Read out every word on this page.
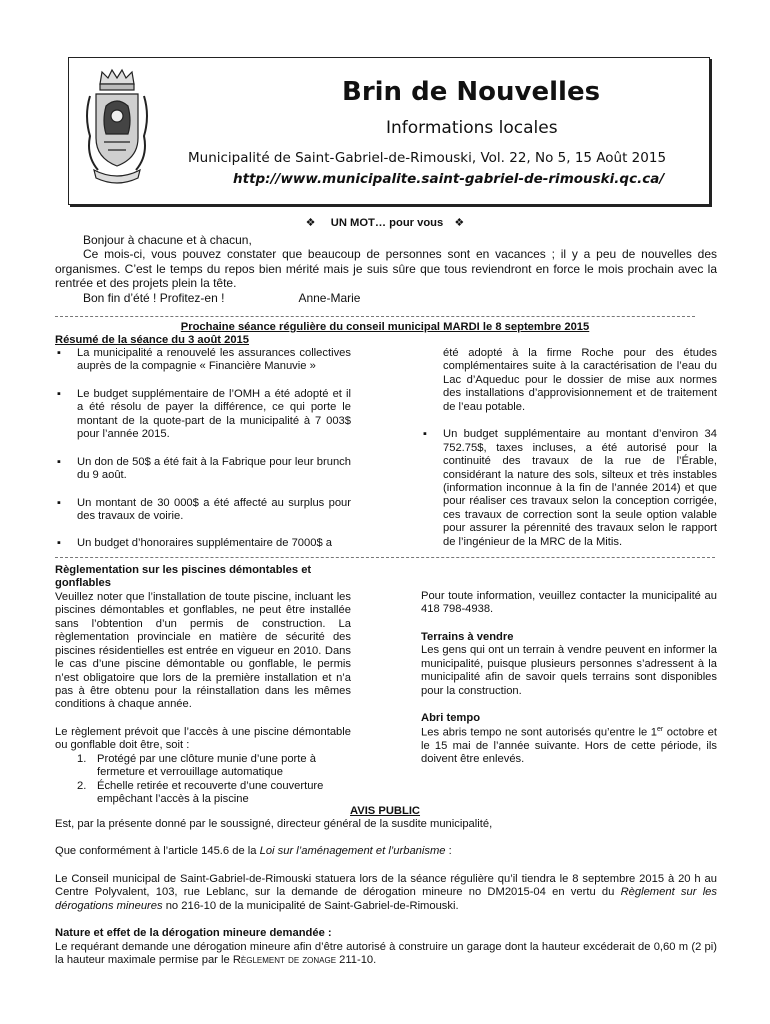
Brin de Nouvelles
Informations locales
Municipalité de Saint-Gabriel-de-Rimouski, Vol. 22, No 5, 15 Août 2015
http://www.municipalite.saint-gabriel-de-rimouski.qc.ca/
❖ UN MOT… pour vous ❖

Bonjour à chacune et à chacun,

Ce mois-ci, vous pouvez constater que beaucoup de personnes sont en vacances ; il y a peu de nouvelles des organismes. C’est le temps du repos bien mérité mais je suis sûre que tous reviendront en force le mois prochain avec la rentrée et des projets plein la tête.

Bon fin d’été ! Profitez-en !	Anne-Marie

Prochaine séance régulière du conseil municipal MARDI le 8 septembre 2015
Résumé de la séance du 3 août 2015
▪ La municipalité a renouvelé les assurances collectives auprès de la compagnie « Financière Manuvie »
▪ Le budget supplémentaire de l’OMH a été adopté et il a été résolu de payer la différence, ce qui porte le montant de la quote-part de la municipalité à 7 003$ pour l’année 2015.
▪ Un don de 50$ a été fait à la Fabrique pour leur brunch du 9 août.
▪ Un montant de 30 000$ a été affecté au surplus pour des travaux de voirie.
▪ Un budget d’honoraires supplémentaire de 7000$ a

été adopté à la firme Roche pour des études complémentaires suite à la caractérisation de l’eau du Lac d’Aqueduc pour le dossier de mise aux normes des installations d’approvisionnement et de traitement de l’eau potable.

▪ Un budget supplémentaire au montant d’environ 34 752.75$, taxes incluses, a été autorisé pour la continuité des travaux de la rue de l’Érable, considérant la nature des sols, silteux et très instables (information inconnue à la fin de l’année 2014) et que pour réaliser ces travaux selon la conception corrigée, ces travaux de correction sont la seule option valable pour assurer la pérennité des travaux selon le rapport de l’ingénieur de la MRC de la Mitis.

Règlementation sur les piscines démontables et gonflables

Veuillez noter que l’installation de toute piscine, incluant les piscines démontables et gonflables, ne peut être installée sans l’obtention d’un permis de construction. La règlementation provinciale en matière de sécurité des piscines résidentielles est entrée en vigueur en 2010. Dans le cas d’une piscine démontable ou gonflable, le permis n’est obligatoire que lors de la première installation et n’a pas à être obtenu pour la réinstallation dans les mêmes conditions à chaque année.

Le règlement prévoit que l’accès à une piscine démontable ou gonflable doit être, soit :

1. Protégé par une clôture munie d’une porte à fermeture et verrouillage automatique
2. Échelle retirée et recouverte d’une couverture empêchant l’accès à la piscine

Pour toute information, veuillez contacter la municipalité au 418 798-4938.

Terrains à vendre

Les gens qui ont un terrain à vendre peuvent en informer la municipalité, puisque plusieurs personnes s’adressent à la municipalité afin de savoir quels terrains sont disponibles pour la construction.

Abri tempo

Les abris tempo ne sont autorisés qu’entre le 1er octobre et le 15 mai de l’année suivante. Hors de cette période, ils doivent être enlevés.

AVIS PUBLIC

Est, par la présente donné par le soussigné, directeur général de la susdite municipalité,

Que conformément à l’article 145.6 de la Loi sur l’aménagement et l’urbanisme :

Le Conseil municipal de Saint-Gabriel-de-Rimouski statuera lors de la séance régulière qu’il tiendra le 8 septembre 2015 à 20 h au Centre Polyvalent, 103, rue Leblanc, sur la demande de dérogation mineure no DM2015-04 en vertu du Règlement sur les dérogations mineures no 216-10 de la municipalité de Saint-Gabriel-de-Rimouski.

Nature et effet de la dérogation mineure demandée :

Le requérant demande une dérogation mineure afin d’être autorisé à construire un garage dont la hauteur excéderait de 0,60 m (2 pi) la hauteur maximale permise par le Règlement de zonage 211-10.
